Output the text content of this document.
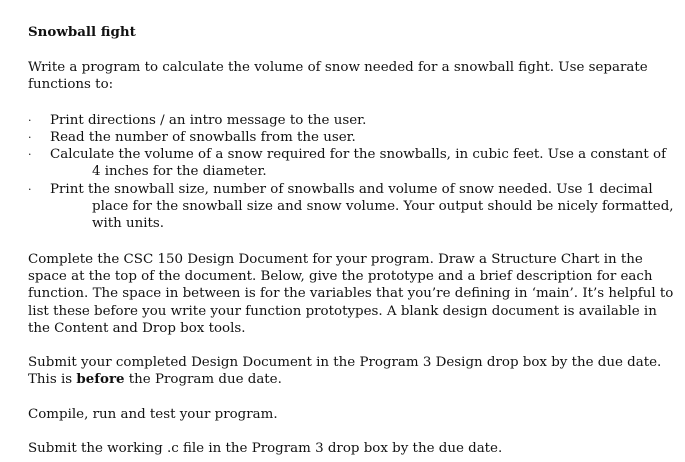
Snowball fight

Write a program to calculate the volume of snow needed for a snowball fight. Use separate functions to:

· Print directions / an intro message to the user.
· Read the number of snowballs from the user.
· Calculate the volume of a snow required for the snowballs, in cubic feet. Use a constant of 4 inches for the diameter.
· Print the snowball size, number of snowballs and volume of snow needed. Use 1 decimal place for the snowball size and snow volume. Your output should be nicely formatted, with units.

Complete the CSC 150 Design Document for your program. Draw a Structure Chart in the space at the top of the document. Below, give the prototype and a brief description for each function. The space in between is for the variables that you’re defining in ‘main’. It’s helpful to list these before you write your function prototypes. A blank design document is available in the Content and Drop box tools.

Submit your completed Design Document in the Program 3 Design drop box by the due date.
This is before the Program due date.

Compile, run and test your program.

Submit the working .c file in the Program 3 drop box by the due date.
